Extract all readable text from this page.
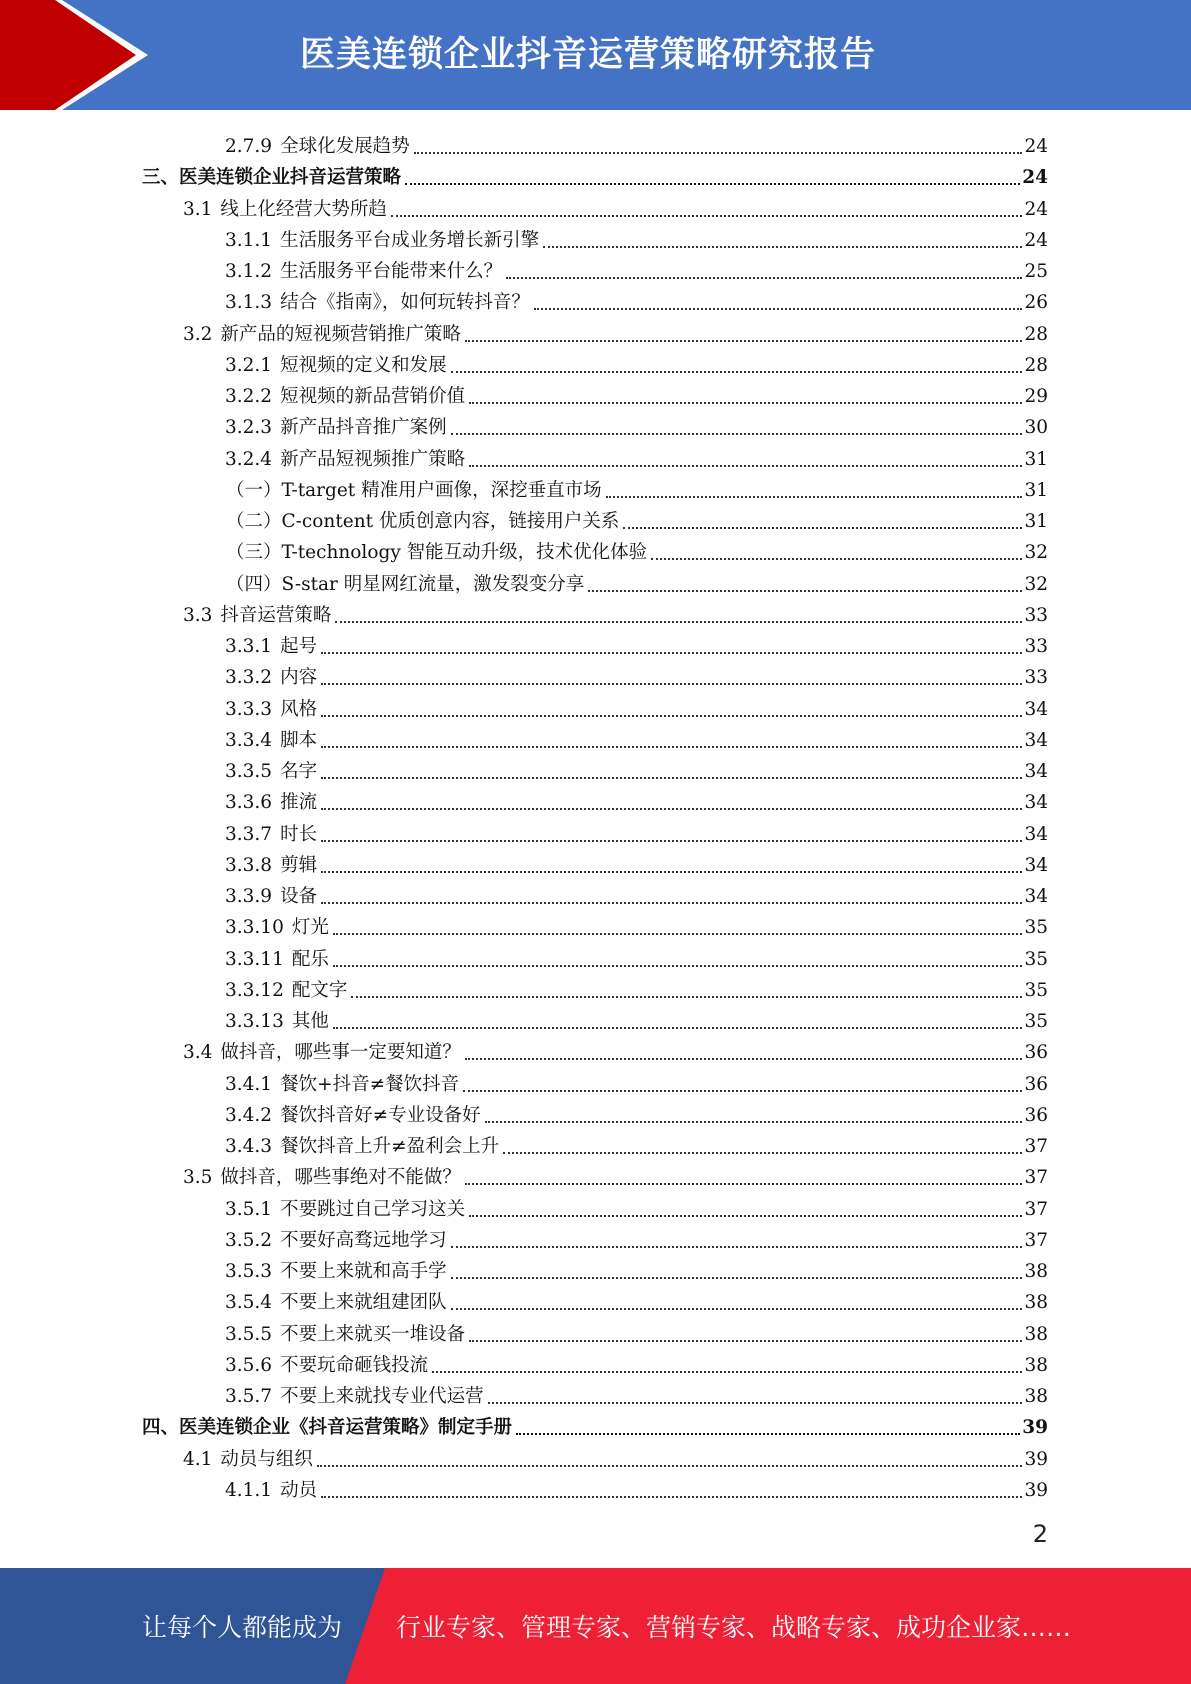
医美连锁企业抖音运营策略研究报告
2.7.9 全球化发展趋势	24
三、医美连锁企业抖音运营策略	24
3.1 线上化经营大势所趋	24
3.1.1 生活服务平台成业务增长新引擎	24
3.1.2 生活服务平台能带来什么？	25
3.1.3 结合《指南》，如何玩转抖音？	26
3.2 新产品的短视频营销推广策略	28
3.2.1 短视频的定义和发展	28
3.2.2 短视频的新品营销价值	29
3.2.3 新产品抖音推广案例	30
3.2.4 新产品短视频推广策略	31
（一）T-target 精准用户画像，深挖垂直市场	31
（二）C-content 优质创意内容，链接用户关系	31
（三）T-technology 智能互动升级，技术优化体验	32
（四）S-star 明星网红流量，激发裂变分享	32
3.3 抖音运营策略	33
3.3.1 起号	33
3.3.2 内容	33
3.3.3 风格	34
3.3.4 脚本	34
3.3.5 名字	34
3.3.6 推流	34
3.3.7 时长	34
3.3.8 剪辑	34
3.3.9 设备	34
3.3.10 灯光	35
3.3.11 配乐	35
3.3.12 配文字	35
3.3.13 其他	35
3.4 做抖音，哪些事一定要知道？	36
3.4.1 餐饮+抖音≠餐饮抖音	36
3.4.2 餐饮抖音好≠专业设备好	36
3.4.3 餐饮抖音上升≠盈利会上升	37
3.5 做抖音，哪些事绝对不能做？	37
3.5.1 不要跳过自己学习这关	37
3.5.2 不要好高骛远地学习	37
3.5.3 不要上来就和高手学	38
3.5.4 不要上来就组建团队	38
3.5.5 不要上来就买一堆设备	38
3.5.6 不要玩命砸钱投流	38
3.5.7 不要上来就找专业代运营	38
四、医美连锁企业《抖音运营策略》制定手册	39
4.1 动员与组织	39
4.1.1 动员	39
2
让每个人都能成为 行业专家、管理专家、营销专家、战略专家、成功企业家……
